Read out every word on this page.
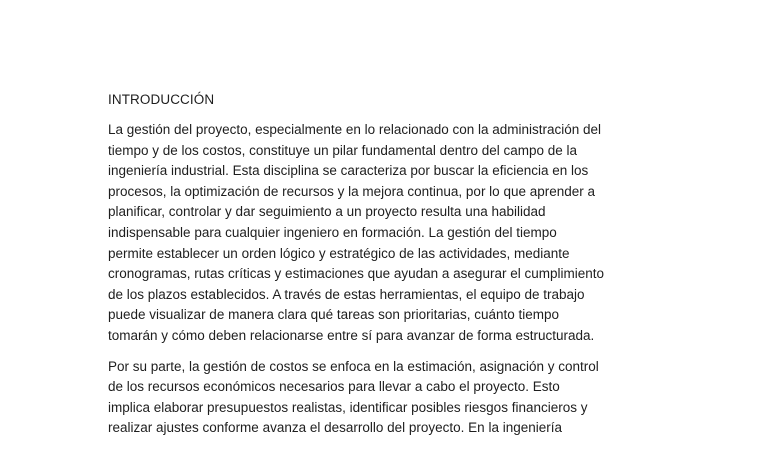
INTRODUCCIÓN

La gestión del proyecto, especialmente en lo relacionado con la administración del
tiempo y de los costos, constituye un pilar fundamental dentro del campo de la
ingeniería industrial. Esta disciplina se caracteriza por buscar la eficiencia en los
procesos, la optimización de recursos y la mejora continua, por lo que aprender a
planificar, controlar y dar seguimiento a un proyecto resulta una habilidad
indispensable para cualquier ingeniero en formación. La gestión del tiempo
permite establecer un orden lógico y estratégico de las actividades, mediante
cronogramas, rutas críticas y estimaciones que ayudan a asegurar el cumplimiento
de los plazos establecidos. A través de estas herramientas, el equipo de trabajo
puede visualizar de manera clara qué tareas son prioritarias, cuánto tiempo
tomarán y cómo deben relacionarse entre sí para avanzar de forma estructurada.

Por su parte, la gestión de costos se enfoca en la estimación, asignación y control
de los recursos económicos necesarios para llevar a cabo el proyecto. Esto
implica elaborar presupuestos realistas, identificar posibles riesgos financieros y
realizar ajustes conforme avanza el desarrollo del proyecto. En la ingeniería
